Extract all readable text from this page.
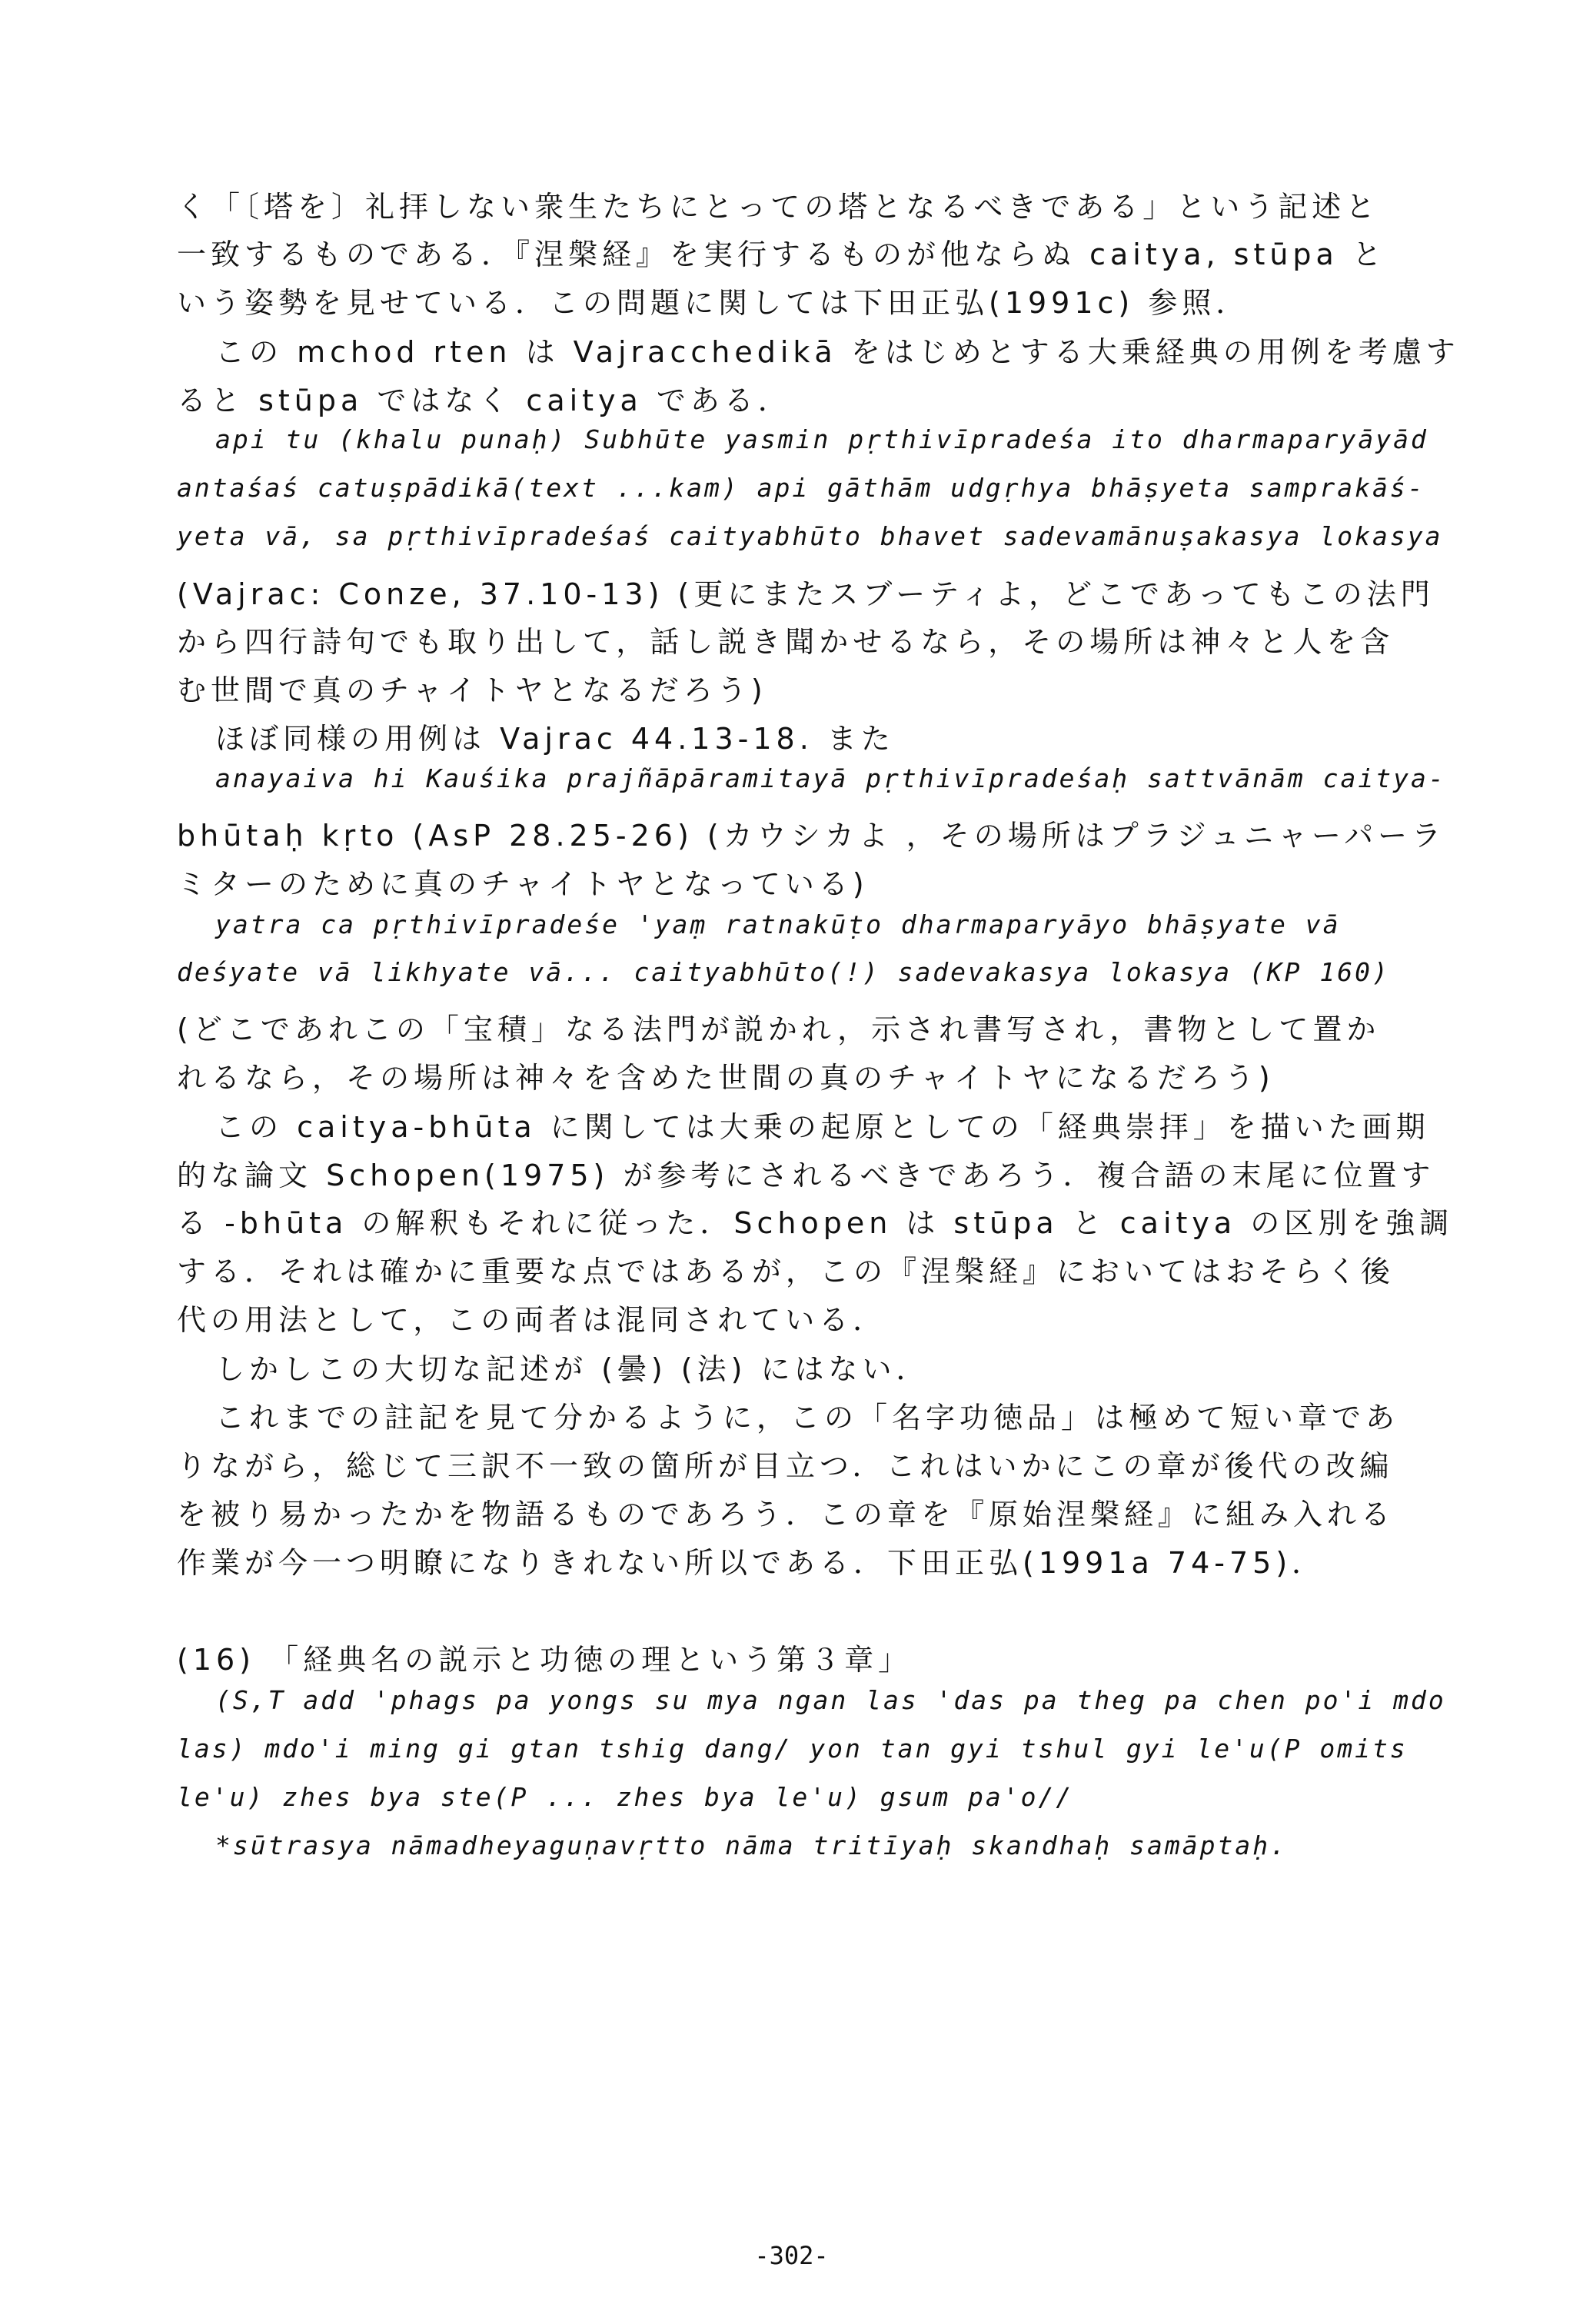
く「〔塔を〕礼拝しない衆生たちにとっての塔となるべきである」という記述と
一致するものである．『涅槃経』を実行するものが他ならぬ caitya, stūpa と
いう姿勢を見せている．この問題に関しては下田正弘(1991c) 参照．
この mchod rten は Vajracchedikā をはじめとする大乗経典の用例を考慮す
ると stūpa ではなく caitya である．
api tu (khalu punaḥ) Subhūte yasmin pṛthivīpradeśa ito dharmaparyāyād
antaśaś catuṣpādikā(text ...kam) api gāthām udgṛhya bhāṣyeta samprakāś-
yeta vā, sa pṛthivīpradeśaś caityabhūto bhavet sadevamānuṣakasya lokasya
(Vajrac: Conze, 37.10-13) (更にまたスブーティよ，どこであってもこの法門
から四行詩句でも取り出して，話し説き聞かせるなら，その場所は神々と人を含
む世間で真のチャイトヤとなるだろう)
ほぼ同様の用例は Vajrac 44.13-18. また
anayaiva hi Kauśika prajñāpāramitayā pṛthivīpradeśaḥ sattvānām caitya-
bhūtaḥ kṛto (AsP 28.25-26) (カウシカよ ，その場所はプラジュニャーパーラ
ミターのために真のチャイトヤとなっている)
yatra ca pṛthivīpradeśe 'yaṃ ratnakūṭo dharmaparyāyo bhāṣyate vā
deśyate vā likhyate vā... caityabhūto(!) sadevakasya lokasya (KP 160)
(どこであれこの「宝積」なる法門が説かれ，示され書写され，書物として置か
れるなら，その場所は神々を含めた世間の真のチャイトヤになるだろう)
この caitya-bhūta に関しては大乗の起原としての「経典崇拝」を描いた画期
的な論文 Schopen(1975) が参考にされるべきであろう．複合語の末尾に位置す
る -bhūta の解釈もそれに従った．Schopen は stūpa と caitya の区別を強調
する．それは確かに重要な点ではあるが，この『涅槃経』においてはおそらく後
代の用法として，この両者は混同されている．
しかしこの大切な記述が (曇) (法) にはない．
これまでの註記を見て分かるように，この「名字功徳品」は極めて短い章であ
りながら，総じて三訳不一致の箇所が目立つ．これはいかにこの章が後代の改編
を被り易かったかを物語るものであろう．この章を『原始涅槃経』に組み入れる
作業が今一つ明瞭になりきれない所以である．下田正弘(1991a 74-75)．
(16) 「経典名の説示と功徳の理という第３章」
(S,T add 'phags pa yongs su mya ngan las 'das pa theg pa chen po'i mdo
las) mdo'i ming gi gtan tshig dang/ yon tan gyi tshul gyi le'u(P omits
le'u) zhes bya ste(P ... zhes bya le'u) gsum pa'o//
*sūtrasya nāmadheyaguṇavṛtto nāma tritīyaḥ skandhaḥ samāptaḥ.
-302-
